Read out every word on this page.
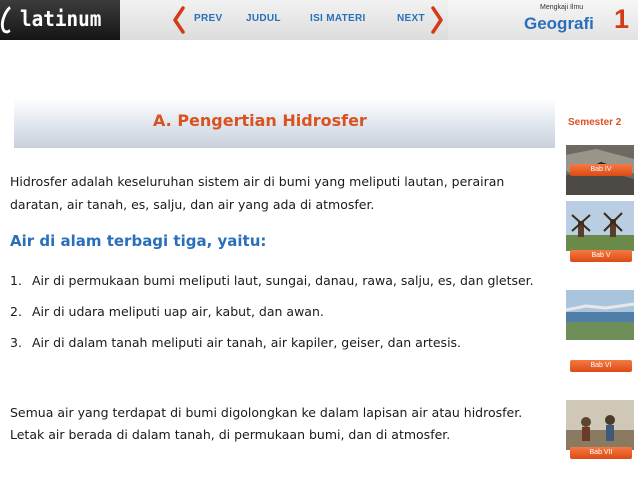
latinum	PREV JUDUL	ISI MATERI	NEXT
Mengkaji Ilmu
Geografi 1
Semester 2
Bab IV
Bab V
Bab VI
Bab VII
A. Pengertian Hidrosfer

Hidrosfer adalah keseluruhan sistem air di bumi yang meliputi lautan, perairan daratan, air tanah, es, salju, dan air yang ada di atmosfer.

Air di alam terbagi tiga, yaitu:

1. Air di permukaan bumi meliputi laut, sungai, danau, rawa, salju, es, dan gletser.
2. Air di udara meliputi uap air, kabut, dan awan.
3. Air di dalam tanah meliputi air tanah, air kapiler, geiser, dan artesis.

Semua air yang terdapat di bumi digolongkan ke dalam lapisan air atau hidrosfer. Letak air berada di dalam tanah, di permukaan bumi, dan di atmosfer.
